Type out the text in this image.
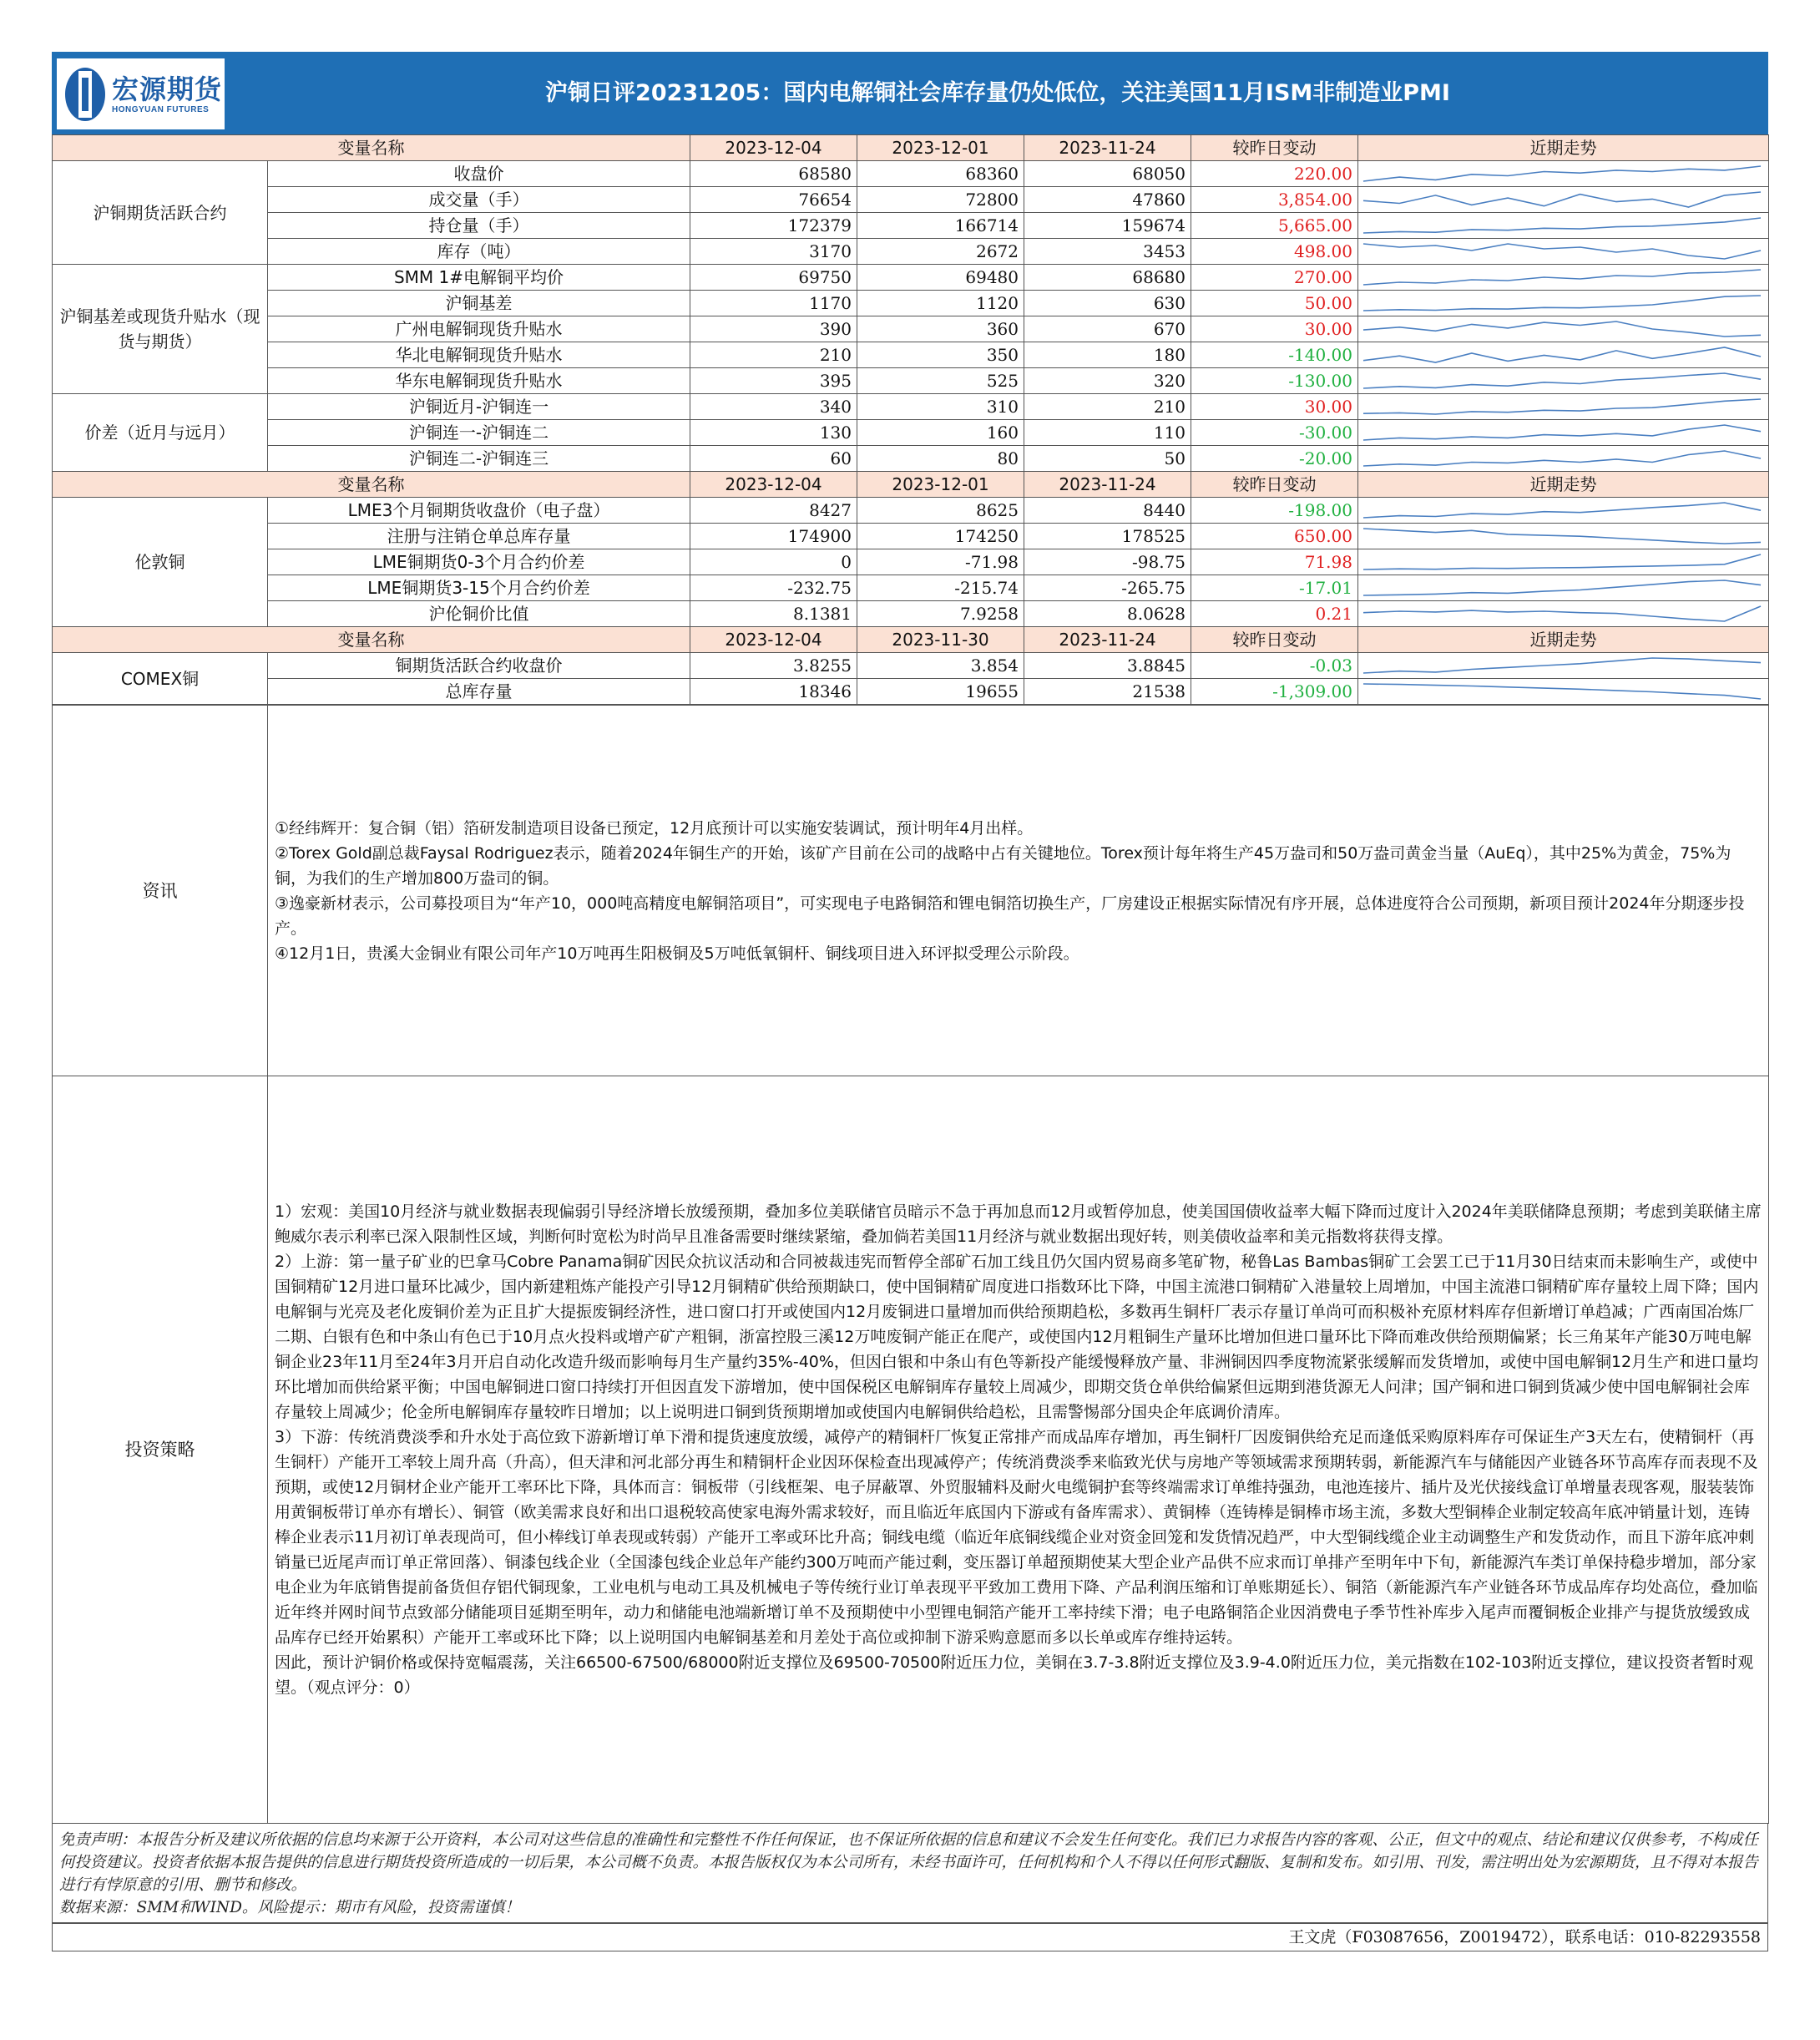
宏源期货
HONGYUAN FUTURES
沪铜日评20231205：国内电解铜社会库存量仍处低位，关注美国11月ISM非制造业PMI
变量名称		2023-12-04	2023-12-01	2023-11-24	较昨日变动	近期走势
沪铜期货活跃合约	收盘价	68580	68360	68050	220.00	

	成交量（手）	76654	72800	47860	3,854.00	

	持仓量（手）	172379	166714	159674	5,665.00	

	库存（吨）	3170	2672	3453	498.00	

沪铜基差或现货升贴水（现货与期货）	SMM 1#电解铜平均价	69750	69480	68680	270.00	

	沪铜基差	1170	1120	630	50.00	

	广州电解铜现货升贴水	390	360	670	30.00	

	华北电解铜现货升贴水	210	350	180	-140.00	

	华东电解铜现货升贴水	395	525	320	-130.00	

价差（近月与远月）	沪铜近月-沪铜连一	340	310	210	30.00	

	沪铜连一-沪铜连二	130	160	110	-30.00	

	沪铜连二-沪铜连三	60	80	50	-20.00	

变量名称		2023-12-04	2023-12-01	2023-11-24	较昨日变动	近期走势
伦敦铜	LME3个月铜期货收盘价（电子盘）	8427	8625	8440	-198.00	

	注册与注销仓单总库存量	174900	174250	178525	650.00	

	LME铜期货0-3个月合约价差	0	-71.98	-98.75	71.98	

	LME铜期货3-15个月合约价差	-232.75	-215.74	-265.75	-17.01	

	沪伦铜价比值	8.1381	7.9258	8.0628	0.21	

变量名称		2023-12-04	2023-11-30	2023-11-24	较昨日变动	近期走势
COMEX铜	铜期货活跃合约收盘价	3.8255	3.854	3.8845	-0.03	

	总库存量	18346	19655	21538	-1,309.00	
资讯	①经纬辉开：复合铜（铝）箔研发制造项目设备已预定，12月底预计可以实施安装调试，预计明年4月出样。
②Torex Gold副总裁Faysal Rodriguez表示，随着2024年铜生产的开始，该矿产目前在公司的战略中占有关键地位。Torex预计每年将生产45万盎司和50万盎司黄金当量（AuEq），其中25%为黄金，75%为铜，为我们的生产增加800万盎司的铜。
③逸豪新材表示，公司募投项目为“年产10，000吨高精度电解铜箔项目”，可实现电子电路铜箔和锂电铜箔切换生产，厂房建设正根据实际情况有序开展，总体进度符合公司预期，新项目预计2024年分期逐步投产。
④12月1日，贵溪大金铜业有限公司年产10万吨再生阳极铜及5万吨低氧铜杆、铜线项目进入环评拟受理公示阶段。

投资策略	1）宏观：美国10月经济与就业数据表现偏弱引导经济增长放缓预期，叠加多位美联储官员暗示不急于再加息而12月或暂停加息，使美国国债收益率大幅下降而过度计入2024年美联储降息预期；考虑到美联储主席鲍威尔表示利率已深入限制性区域，判断何时宽松为时尚早且准备需要时继续紧缩，叠加倘若美国11月经济与就业数据出现好转，则美债收益率和美元指数将获得支撑。
2）上游：第一量子矿业的巴拿马Cobre Panama铜矿因民众抗议活动和合同被裁违宪而暂停全部矿石加工线且仍欠国内贸易商多笔矿物，秘鲁Las Bambas铜矿工会罢工已于11月30日结束而未影响生产，或使中国铜精矿12月进口量环比减少，国内新建粗炼产能投产引导12月铜精矿供给预期缺口，使中国铜精矿周度进口指数环比下降，中国主流港口铜精矿入港量较上周增加，中国主流港口铜精矿库存量较上周下降；国内电解铜与光亮及老化废铜价差为正且扩大提振废铜经济性，进口窗口打开或使国内12月废铜进口量增加而供给预期趋松，多数再生铜杆厂表示存量订单尚可而积极补充原材料库存但新增订单趋减；广西南国冶炼厂二期、白银有色和中条山有色已于10月点火投料或增产矿产粗铜，浙富控股三溪12万吨废铜产能正在爬产，或使国内12月粗铜生产量环比增加但进口量环比下降而难改供给预期偏紧；长三角某年产能30万吨电解铜企业23年11月至24年3月开启自动化改造升级而影响每月生产量约35%-40%，但因白银和中条山有色等新投产能缓慢释放产量、非洲铜因四季度物流紧张缓解而发货增加，或使中国电解铜12月生产和进口量均环比增加而供给紧平衡；中国电解铜进口窗口持续打开但因直发下游增加，使中国保税区电解铜库存量较上周减少，即期交货仓单供给偏紧但远期到港货源无人问津；国产铜和进口铜到货减少使中国电解铜社会库存量较上周减少；伦金所电解铜库存量较昨日增加；以上说明进口铜到货预期增加或使国内电解铜供给趋松，且需警惕部分国央企年底调价清库。
3）下游：传统消费淡季和升水处于高位致下游新增订单下滑和提货速度放缓，减停产的精铜杆厂恢复正常排产而成品库存增加，再生铜杆厂因废铜供给充足而逢低采购原料库存可保证生产3天左右，使精铜杆（再生铜杆）产能开工率较上周升高（升高），但天津和河北部分再生和精铜杆企业因环保检查出现减停产；传统消费淡季来临致光伏与房地产等领域需求预期转弱，新能源汽车与储能因产业链各环节高库存而表现不及预期，或使12月铜材企业产能开工率环比下降，具体而言：铜板带（引线框架、电子屏蔽罩、外贸服辅料及耐火电缆铜护套等终端需求订单维持强劲，电池连接片、插片及光伏接线盒订单增量表现客观，服装装饰用黄铜板带订单亦有增长）、铜管（欧美需求良好和出口退税较高使家电海外需求较好，而且临近年底国内下游或有备库需求）、黄铜棒（连铸棒是铜棒市场主流，多数大型铜棒企业制定较高年底冲销量计划，连铸棒企业表示11月初订单表现尚可，但小棒线订单表现或转弱）产能开工率或环比升高；铜线电缆（临近年底铜线缆企业对资金回笼和发货情况趋严，中大型铜线缆企业主动调整生产和发货动作，而且下游年底冲刺销量已近尾声而订单正常回落）、铜漆包线企业（全国漆包线企业总年产能约300万吨而产能过剩，变压器订单超预期使某大型企业产品供不应求而订单排产至明年中下旬，新能源汽车类订单保持稳步增加，部分家电企业为年底销售提前备货但存铝代铜现象，工业电机与电动工具及机械电子等传统行业订单表现平平致加工费用下降、产品利润压缩和订单账期延长）、铜箔（新能源汽车产业链各环节成品库存均处高位，叠加临近年终并网时间节点致部分储能项目延期至明年，动力和储能电池端新增订单不及预期使中小型锂电铜箔产能开工率持续下滑；电子电路铜箔企业因消费电子季节性补库步入尾声而覆铜板企业排产与提货放缓致成品库存已经开始累积）产能开工率或环比下降；以上说明国内电解铜基差和月差处于高位或抑制下游采购意愿而多以长单或库存维持运转。
因此，预计沪铜价格或保持宽幅震荡，关注66500-67500/68000附近支撑位及69500-70500附近压力位，美铜在3.7-3.8附近支撑位及3.9-4.0附近压力位，美元指数在102-103附近支撑位，建议投资者暂时观望。（观点评分：0）
免责声明：本报告分析及建议所依据的信息均来源于公开资料，本公司对这些信息的准确性和完整性不作任何保证，也不保证所依据的信息和建议不会发生任何变化。我们已力求报告内容的客观、公正，但文中的观点、结论和建议仅供参考，不构成任何投资建议。投资者依据本报告提供的信息进行期货投资所造成的一切后果，本公司概不负责。本报告版权仅为本公司所有，未经书面许可，任何机构和个人不得以任何形式翻版、复制和发布。如引用、刊发，需注明出处为宏源期货，且不得对本报告进行有悖原意的引用、删节和修改。
数据来源：SMM和WIND。风险提示：期市有风险，投资需谨慎！
王文虎（F03087656，Z0019472），联系电话：010-82293558
